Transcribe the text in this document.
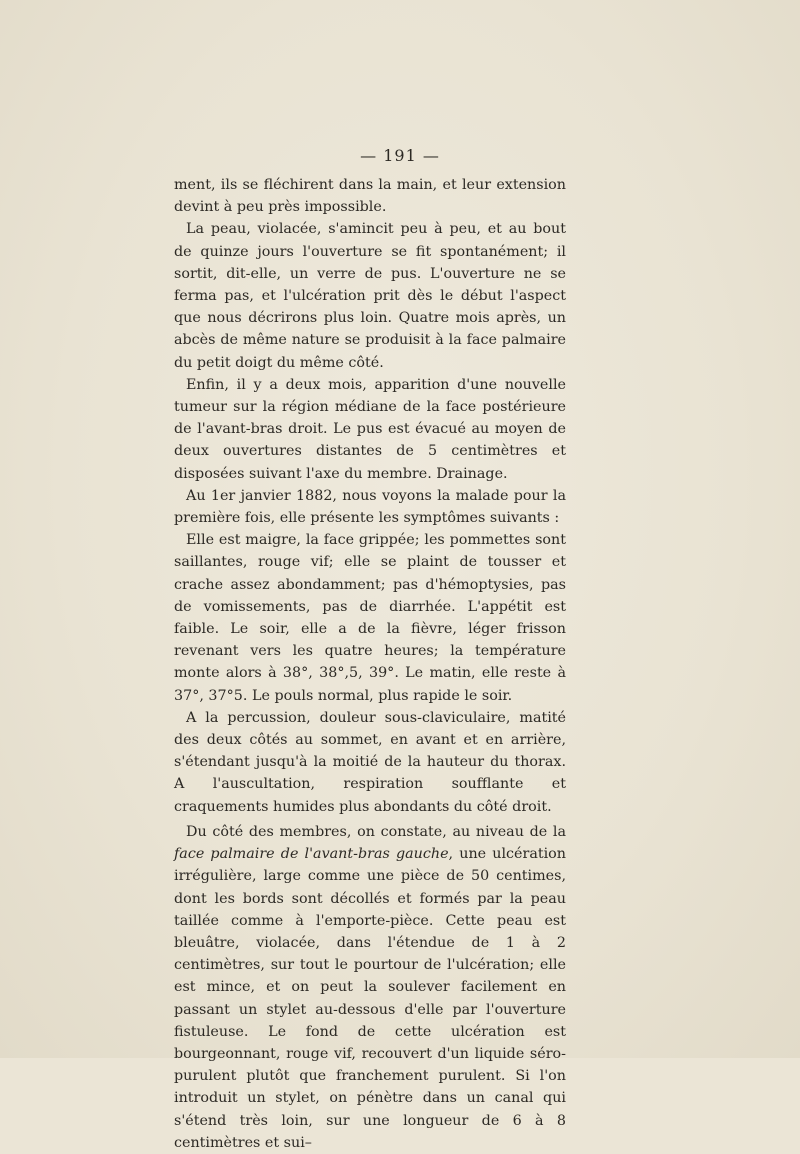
— 191 —

ment, ils se fléchirent dans la main, et leur extension devint à peu près impossible.

La peau, violacée, s'amincit peu à peu, et au bout de quinze jours l'ouverture se fit spontanément; il sortit, dit-elle, un verre de pus. L'ouverture ne se ferma pas, et l'ulcération prit dès le début l'aspect que nous décrirons plus loin. Quatre mois après, un abcès de même nature se produisit à la face palmaire du petit doigt du même côté.

Enfin, il y a deux mois, apparition d'une nouvelle tumeur sur la région médiane de la face postérieure de l'avant-bras droit. Le pus est évacué au moyen de deux ouvertures distantes de 5 centimètres et disposées suivant l'axe du membre. Drainage.

Au 1er janvier 1882, nous voyons la malade pour la première fois, elle présente les symptômes suivants :

Elle est maigre, la face grippée; les pommettes sont saillantes, rouge vif; elle se plaint de tousser et crache assez abondamment; pas d'hémoptysies, pas de vomissements, pas de diarrhée. L'appétit est faible. Le soir, elle a de la fièvre, léger frisson revenant vers les quatre heures; la température monte alors à 38°, 38°,5, 39°. Le matin, elle reste à 37°, 37°5. Le pouls normal, plus rapide le soir.

A la percussion, douleur sous-claviculaire, matité des deux côtés au sommet, en avant et en arrière, s'étendant jusqu'à la moitié de la hauteur du thorax. A l'auscultation, respiration soufflante et craquements humides plus abondants du côté droit.

Du côté des membres, on constate, au niveau de la face palmaire de l'avant-bras gauche, une ulcération irrégulière, large comme une pièce de 50 centimes, dont les bords sont décollés et formés par la peau taillée comme à l'emporte-pièce. Cette peau est bleuâtre, violacée, dans l'étendue de 1 à 2 centimètres, sur tout le pourtour de l'ulcération; elle est mince, et on peut la soulever facilement en passant un stylet au-dessous d'elle par l'ouverture fistuleuse. Le fond de cette ulcération est bourgeonnant, rouge vif, recouvert d'un liquide séro-purulent plutôt que franchement purulent. Si l'on introduit un stylet, on pénètre dans un canal qui s'étend très loin, sur une longueur de 6 à 8 centimètres et sui–
